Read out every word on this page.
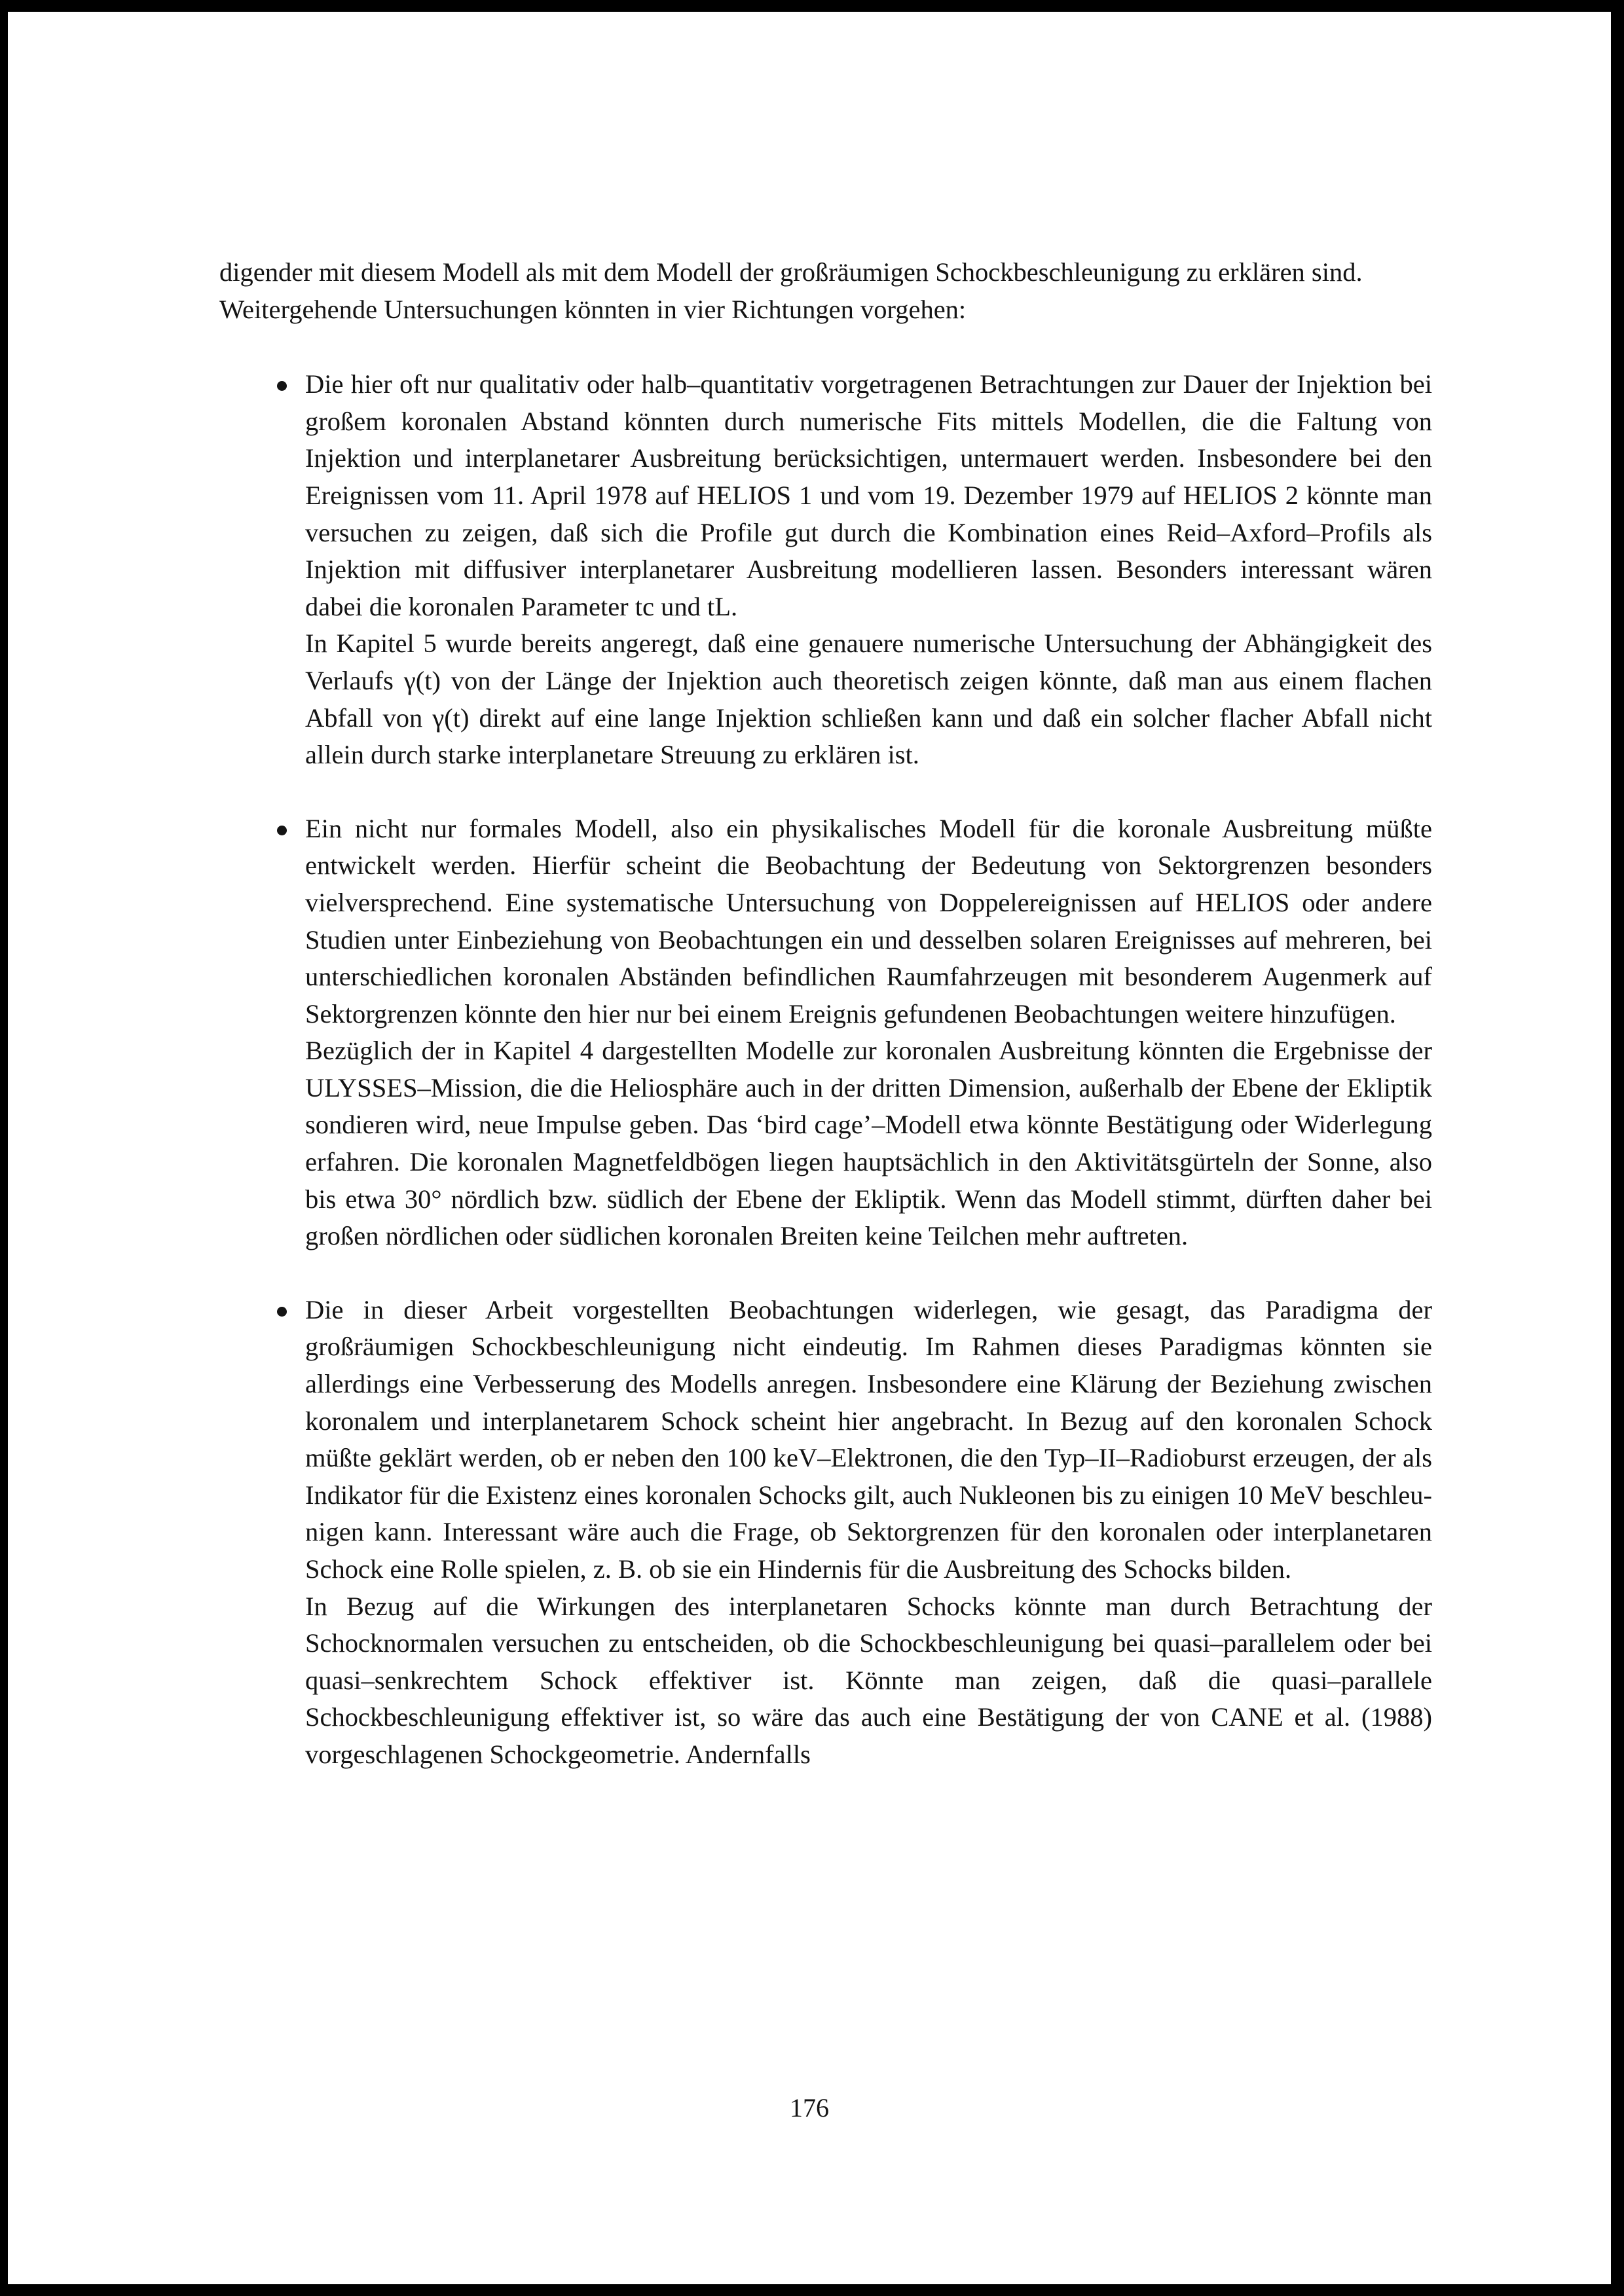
digender mit diesem Modell als mit dem Modell der großräumigen Schockbeschleunigung zu erklären sind.

Weitergehende Untersuchungen könnten in vier Richtungen vorgehen:

Die hier oft nur qualitativ oder halb–quantitativ vorgetragenen Betrachtungen zur Dauer der Injektion bei großem koronalen Abstand könnten durch numerische Fits mittels Modellen, die die Faltung von Injektion und interplanetarer Ausbreitung berücksichtigen, untermauert werden. Insbesondere bei den Ereignissen vom 11. April 1978 auf HELIOS 1 und vom 19. Dezember 1979 auf HELIOS 2 könnte man versuchen zu zeigen, daß sich die Profile gut durch die Kombination eines Reid–Axford–Profils als Injektion mit diffusiver interplanetarer Ausbreitung modellieren lassen. Besonders interessant wären dabei die koronalen Parameter tc und tL.

In Kapitel 5 wurde bereits angeregt, daß eine genauere numerische Untersuchung der Abhängigkeit des Verlaufs γ(t) von der Länge der Injektion auch theoretisch zeigen könnte, daß man aus einem flachen Abfall von γ(t) direkt auf eine lange Injektion schließen kann und daß ein solcher flacher Abfall nicht allein durch starke interplanetare Streuung zu erklären ist.

Ein nicht nur formales Modell, also ein physikalisches Modell für die koronale Ausbreitung müßte entwickelt werden. Hierfür scheint die Beobachtung der Bedeutung von Sektorgrenzen besonders vielversprechend. Eine systematische Untersuchung von Doppelereignissen auf HELIOS oder andere Studien unter Einbeziehung von Beobachtungen ein und desselben solaren Ereignisses auf mehreren, bei unterschiedlichen koronalen Abständen befindlichen Raumfahrzeugen mit besonderem Augenmerk auf Sektorgrenzen könnte den hier nur bei einem Ereignis gefundenen Beobachtungen weitere hinzufügen.

Bezüglich der in Kapitel 4 dargestellten Modelle zur koronalen Ausbreitung könnten die Ergebnisse der ULYSSES–Mission, die die Heliosphäre auch in der dritten Dimension, außerhalb der Ebene der Ekliptik sondieren wird, neue Impulse geben. Das ‘bird cage’–Modell etwa könnte Bestätigung oder Widerlegung erfahren. Die koronalen Magnetfeldbögen liegen hauptsächlich in den Aktivitätsgürteln der Sonne, also bis etwa 30° nördlich bzw. südlich der Ebene der Ekliptik. Wenn das Modell stimmt, dürften daher bei großen nördlichen oder südlichen koronalen Breiten keine Teilchen mehr auftreten.

Die in dieser Arbeit vorgestellten Beobachtungen widerlegen, wie gesagt, das Paradigma der großräumigen Schockbeschleunigung nicht eindeutig. Im Rahmen dieses Paradigmas könnten sie allerdings eine Verbesserung des Modells anregen. Insbesondere eine Klärung der Beziehung zwischen koronalem und interplanetarem Schock scheint hier angebracht. In Bezug auf den koronalen Schock müßte geklärt werden, ob er neben den 100 keV–Elektronen, die den Typ–II–Radioburst erzeugen, der als Indikator für die Existenz eines koronalen Schocks gilt, auch Nukleonen bis zu einigen 10 MeV beschleunigen kann. Interessant wäre auch die Frage, ob Sektorgrenzen für den koronalen oder interplanetaren Schock eine Rolle spielen, z. B. ob sie ein Hindernis für die Ausbreitung des Schocks bilden.

In Bezug auf die Wirkungen des interplanetaren Schocks könnte man durch Betrachtung der Schocknormalen versuchen zu entscheiden, ob die Schockbeschleunigung bei quasi–parallelem oder bei quasi–senkrechtem Schock effektiver ist. Könnte man zeigen, daß die quasi–parallele Schockbeschleunigung effektiver ist, so wäre das auch eine Bestätigung der von CANE et al. (1988) vorgeschlagenen Schockgeometrie. Andernfalls

176
